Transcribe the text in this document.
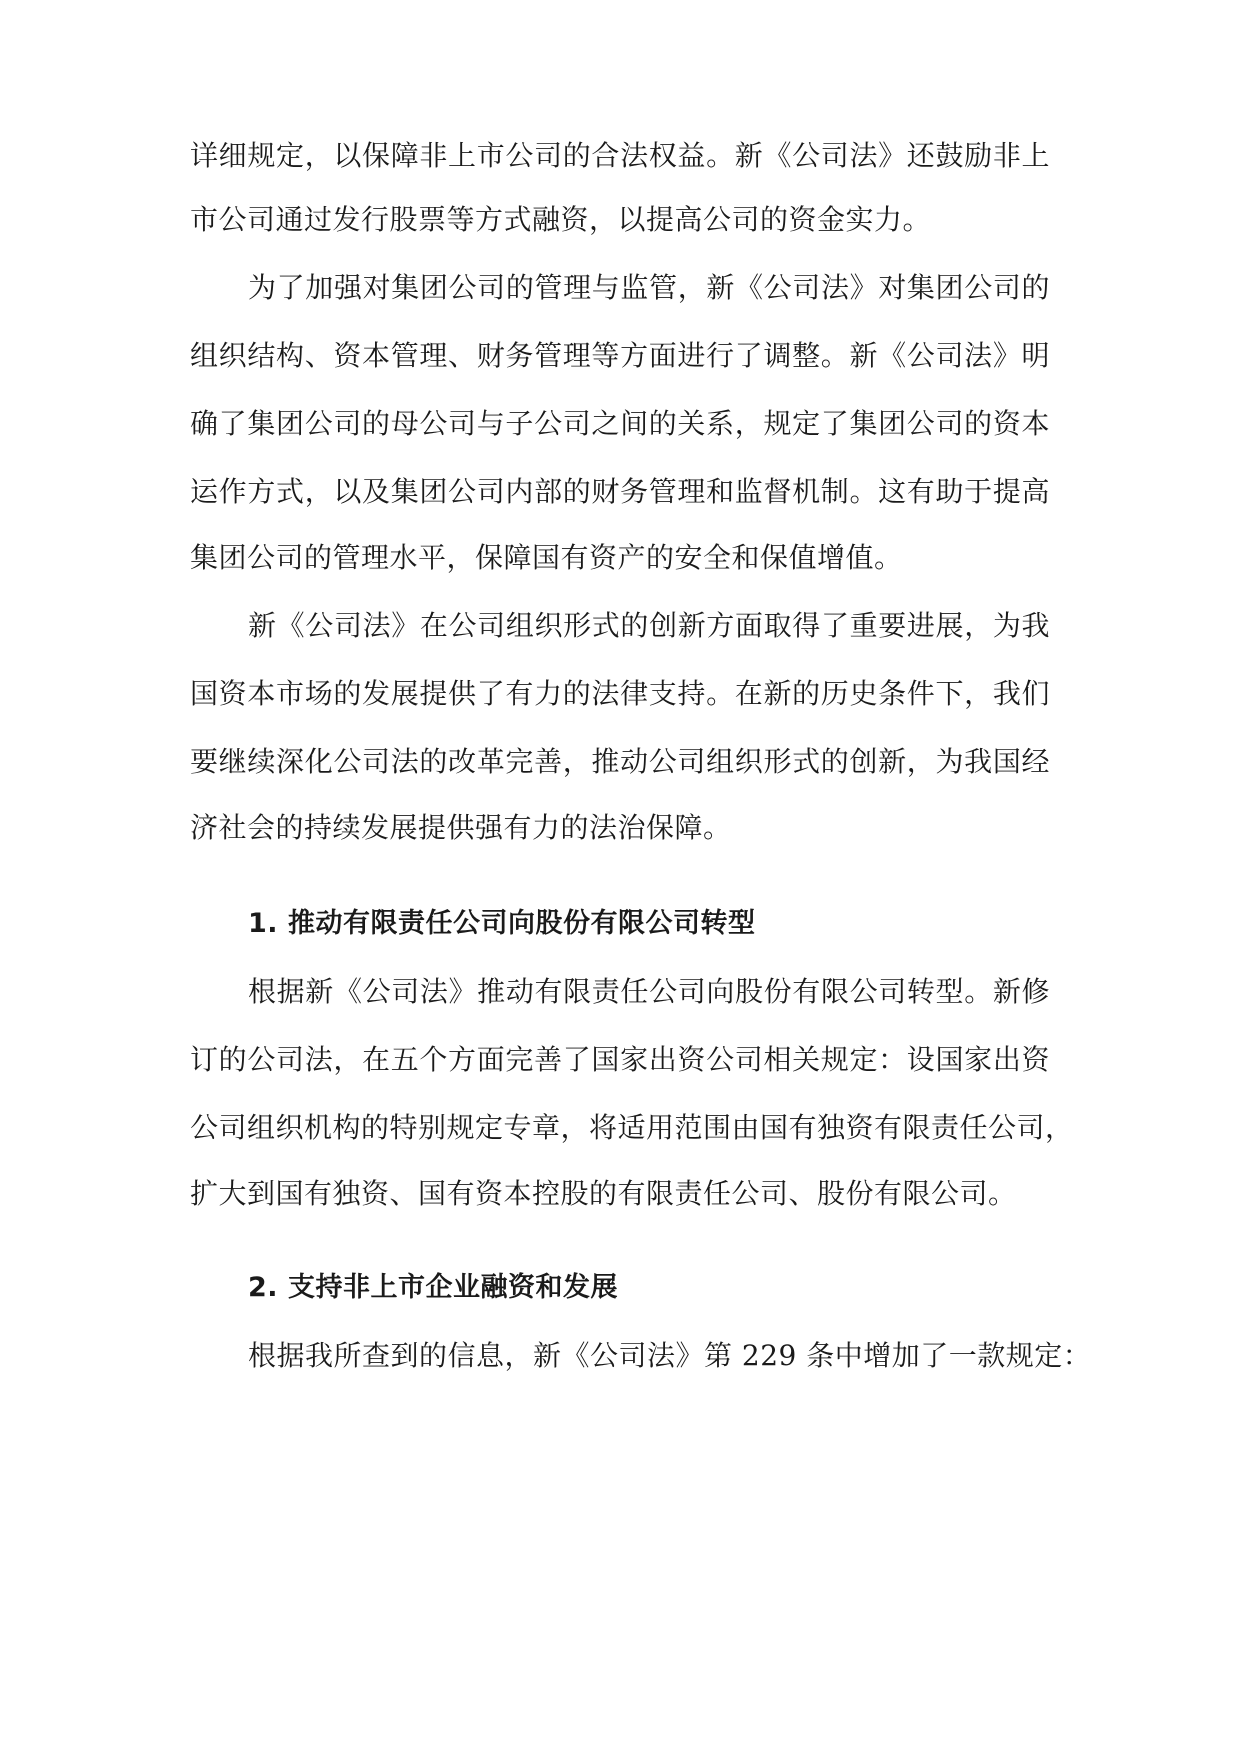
详细规定，以保障非上市公司的合法权益。新《公司法》还鼓励非上
市公司通过发行股票等方式融资，以提高公司的资金实力。
为了加强对集团公司的管理与监管，新《公司法》对集团公司的
组织结构、资本管理、财务管理等方面进行了调整。新《公司法》明
确了集团公司的母公司与子公司之间的关系，规定了集团公司的资本
运作方式，以及集团公司内部的财务管理和监督机制。这有助于提高
集团公司的管理水平，保障国有资产的安全和保值增值。
新《公司法》在公司组织形式的创新方面取得了重要进展，为我
国资本市场的发展提供了有力的法律支持。在新的历史条件下，我们
要继续深化公司法的改革完善，推动公司组织形式的创新，为我国经
济社会的持续发展提供强有力的法治保障。
1. 推动有限责任公司向股份有限公司转型
根据新《公司法》推动有限责任公司向股份有限公司转型。新修
订的公司法，在五个方面完善了国家出资公司相关规定：设国家出资
公司组织机构的特别规定专章，将适用范围由国有独资有限责任公司，
扩大到国有独资、国有资本控股的有限责任公司、股份有限公司。
2. 支持非上市企业融资和发展
根据我所查到的信息，新《公司法》第 229 条中增加了一款规定：
